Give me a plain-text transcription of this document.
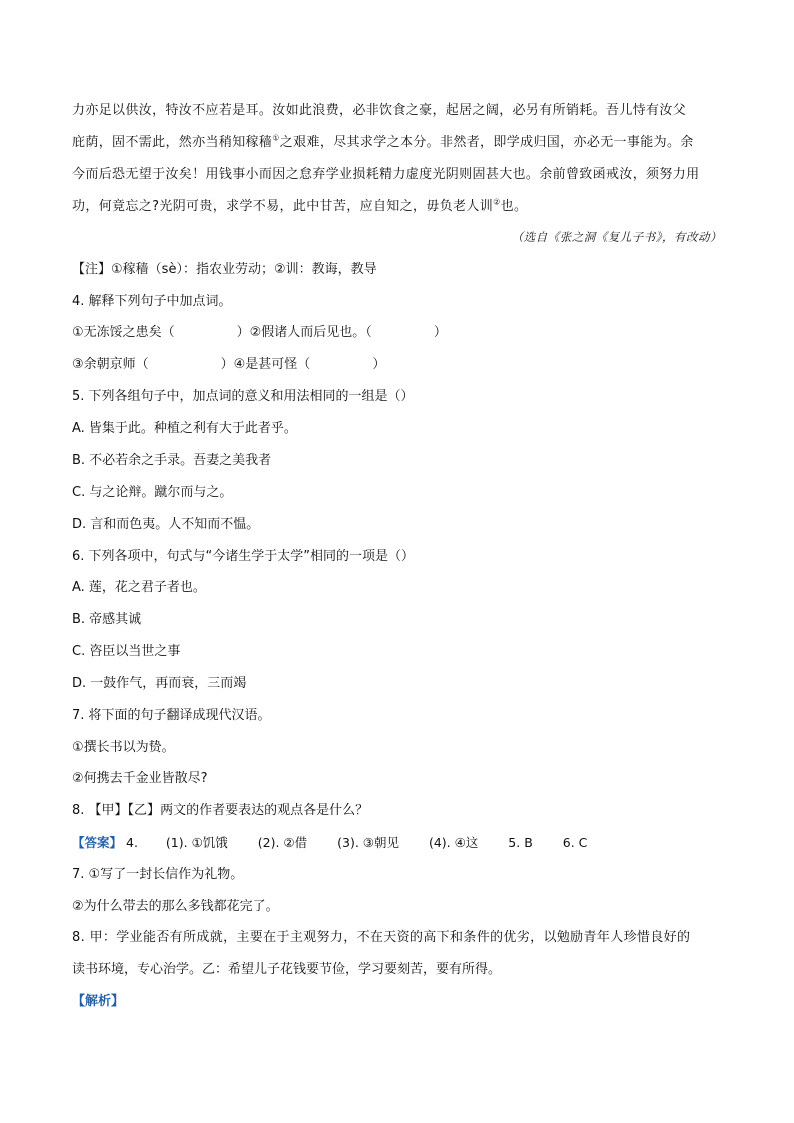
力亦足以供汝，特汝不应若是耳。汝如此浪费，必非饮食之豪，起居之阔，必另有所销耗。吾儿恃有汝父
庇荫，固不需此，然亦当稍知稼穑①之艰难，尽其求学之本分。非然者，即学成归国，亦必无一事能为。余
今而后恐无望于汝矣！用钱事小而因之怠弃学业损耗精力虚度光阴则固甚大也。余前曾致函戒汝，须努力用
功，何竟忘之?光阴可贵，求学不易，此中甘苦，应自知之，毋负老人训②也。
（选自《张之洞《复儿子书》，有改动）
【注】①稼穑（sè）：指农业劳动；②训：教诲，教导
4. 解释下列句子中加点词。
①无冻馁之患矣（	）②假诸人而后见也。（	）
③余朝京师（	）④是甚可怪（	）
5. 下列各组句子中，加点词的意义和用法相同的一组是（）
A. 皆集于此。种植之利有大于此者乎。
B. 不必若余之手录。吾妻之美我者
C. 与之论辩。蹴尔而与之。
D. 言和而色夷。人不知而不愠。
6. 下列各项中，句式与“今诸生学于太学”相同的一项是（）
A. 莲，花之君子者也。
B. 帝感其诚
C. 咨臣以当世之事
D. 一鼓作气，再而衰，三而竭
7. 将下面的句子翻译成现代汉语。
①撰长书以为贽。
②何携去千金业皆散尽?
8. 【甲】【乙】两文的作者要表达的观点各是什么？
【答案】 4. (1). ①饥饿 (2). ②借 (3). ③朝见 (4). ④这 5. B 6. C
7. ①写了一封长信作为礼物。
②为什么带去的那么多钱都花完了。
8. 甲：学业能否有所成就，主要在于主观努力，不在天资的高下和条件的优劣，以勉励青年人珍惜良好的
读书环境，专心治学。乙：希望儿子花钱要节俭，学习要刻苦，要有所得。
【解析】
